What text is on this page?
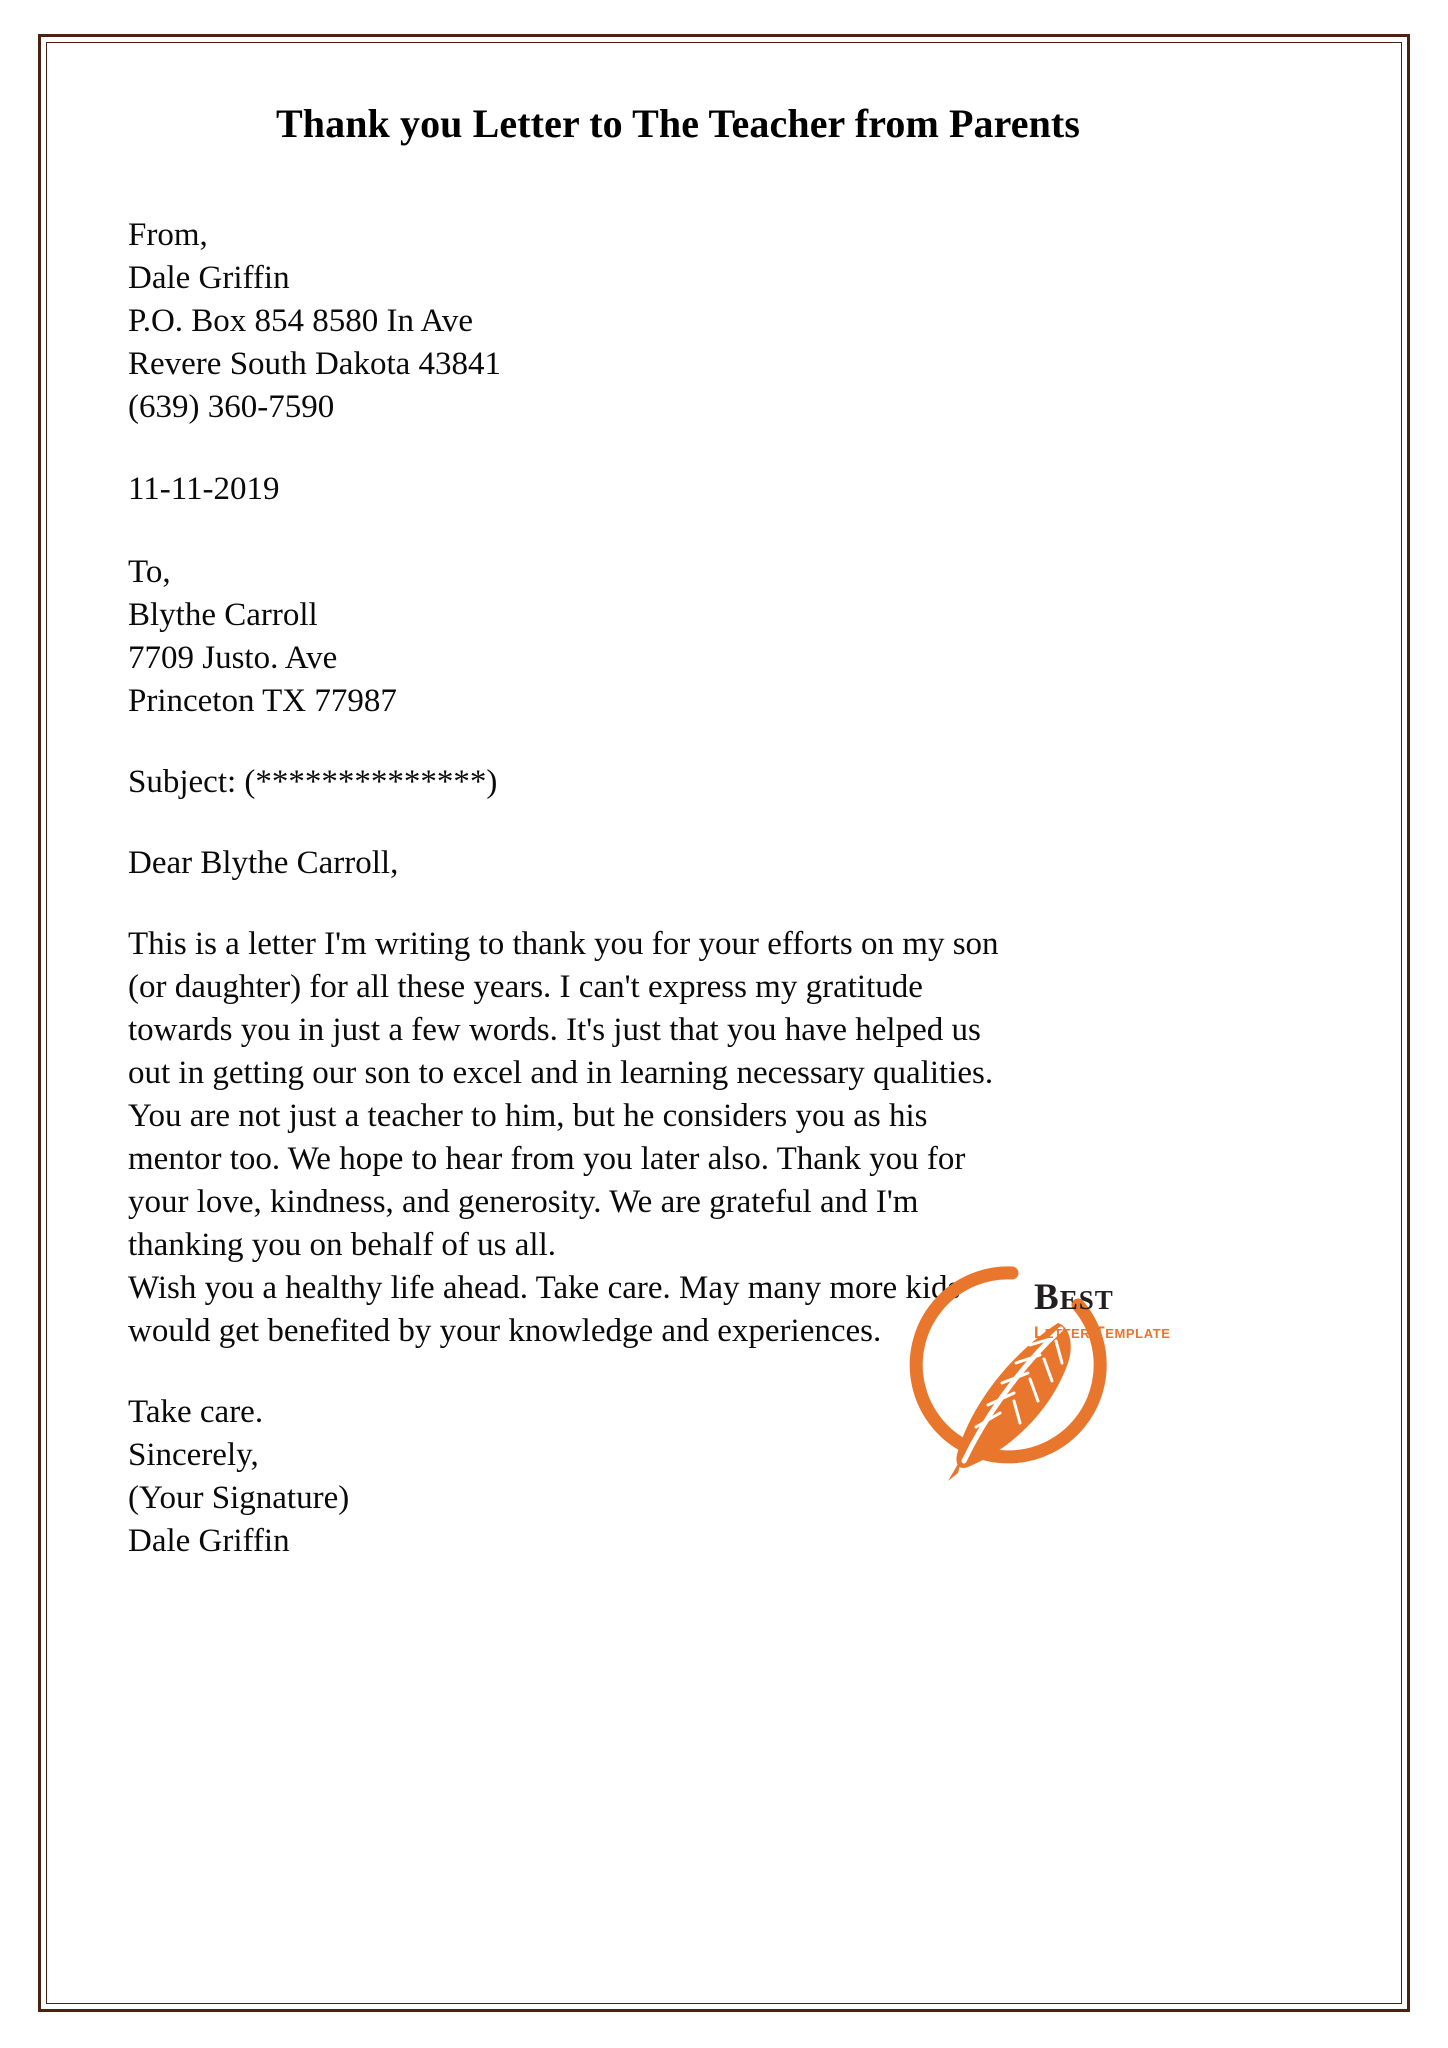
Thank you Letter to The Teacher from Parents
From,
Dale Griffin
P.O. Box 854 8580 In Ave
Revere South Dakota 43841
(639) 360-7590
11-11-2019
To,
Blythe Carroll
7709 Justo. Ave
Princeton TX 77987
Subject: (**************)
Dear Blythe Carroll,

This is a letter I'm writing to thank you for your efforts on my son
(or daughter) for all these years. I can't express my gratitude
towards you in just a few words. It's just that you have helped us
out in getting our son to excel and in learning necessary qualities.
You are not just a teacher to him, but he considers you as his
mentor too. We hope to hear from you later also. Thank you for
your love, kindness, and generosity. We are grateful and I'm
thanking you on behalf of us all.
Wish you a healthy life ahead. Take care. May many more kids
would get benefited by your knowledge and experiences.

Take care.
Sincerely,
(Your Signature)
Dale Griffin
BEST
LETTER TEMPLATE
